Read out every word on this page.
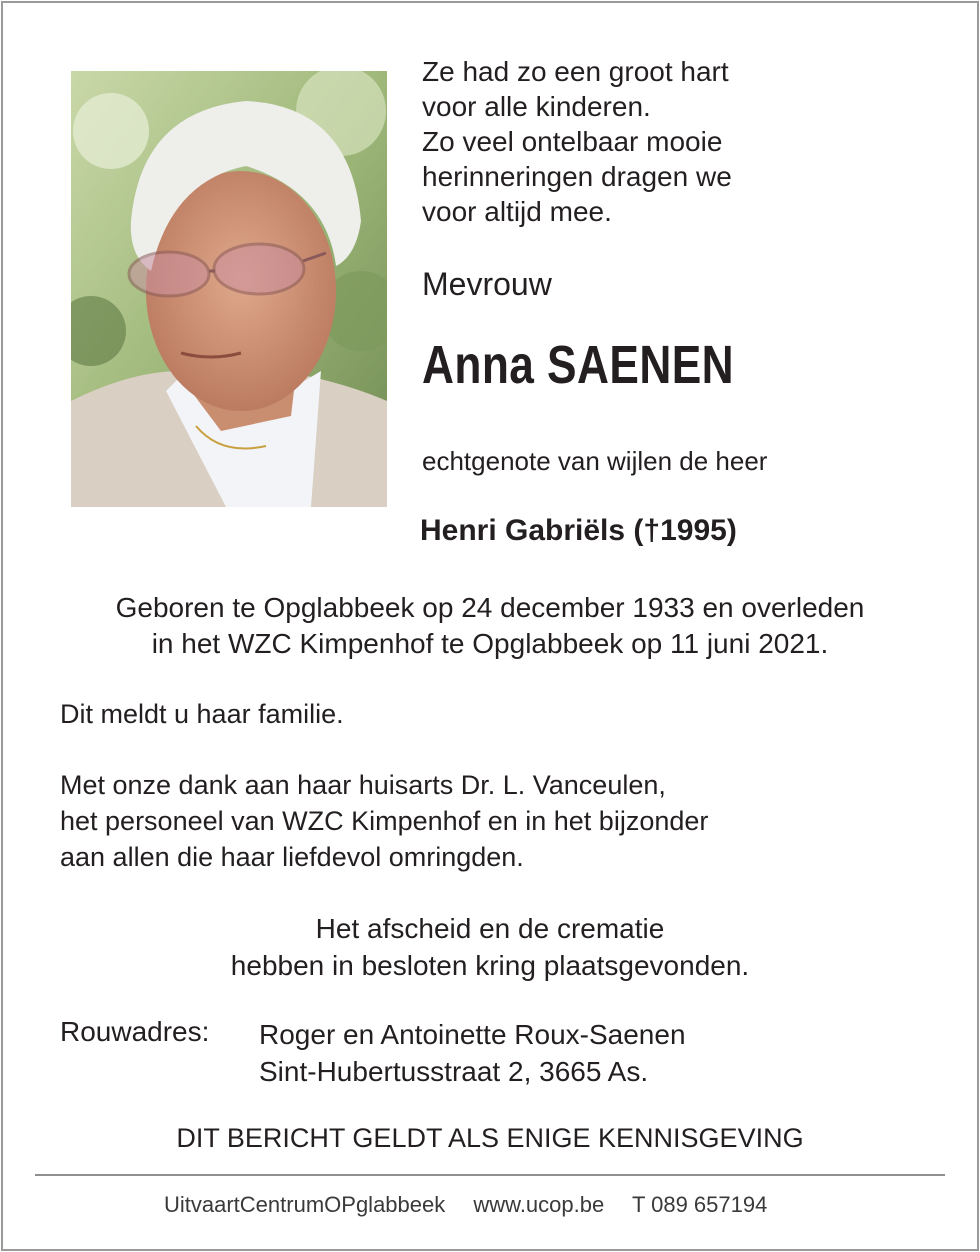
Ze had zo een groot hart
voor alle kinderen.
Zo veel ontelbaar mooie
herinneringen dragen we
voor altijd mee.
Mevrouw
Anna SAENEN
echtgenote van wijlen de heer
Henri Gabriëls (†1995)
Geboren te Opglabbeek op 24 december 1933 en overleden
in het WZC Kimpenhof te Opglabbeek op 11 juni 2021.
Dit meldt u haar familie.
Met onze dank aan haar huisarts Dr. L. Vanceulen,
het personeel van WZC Kimpenhof en in het bijzonder
aan allen die haar liefdevol omringden.
Het afscheid en de crematie
hebben in besloten kring plaatsgevonden.
Rouwadres: Roger en Antoinette Roux-Saenen
Sint-Hubertusstraat 2, 3665 As.
DIT BERICHT GELDT ALS ENIGE KENNISGEVING
UitvaartCentrumOPglabbeek www.ucop.be T 089 657194
